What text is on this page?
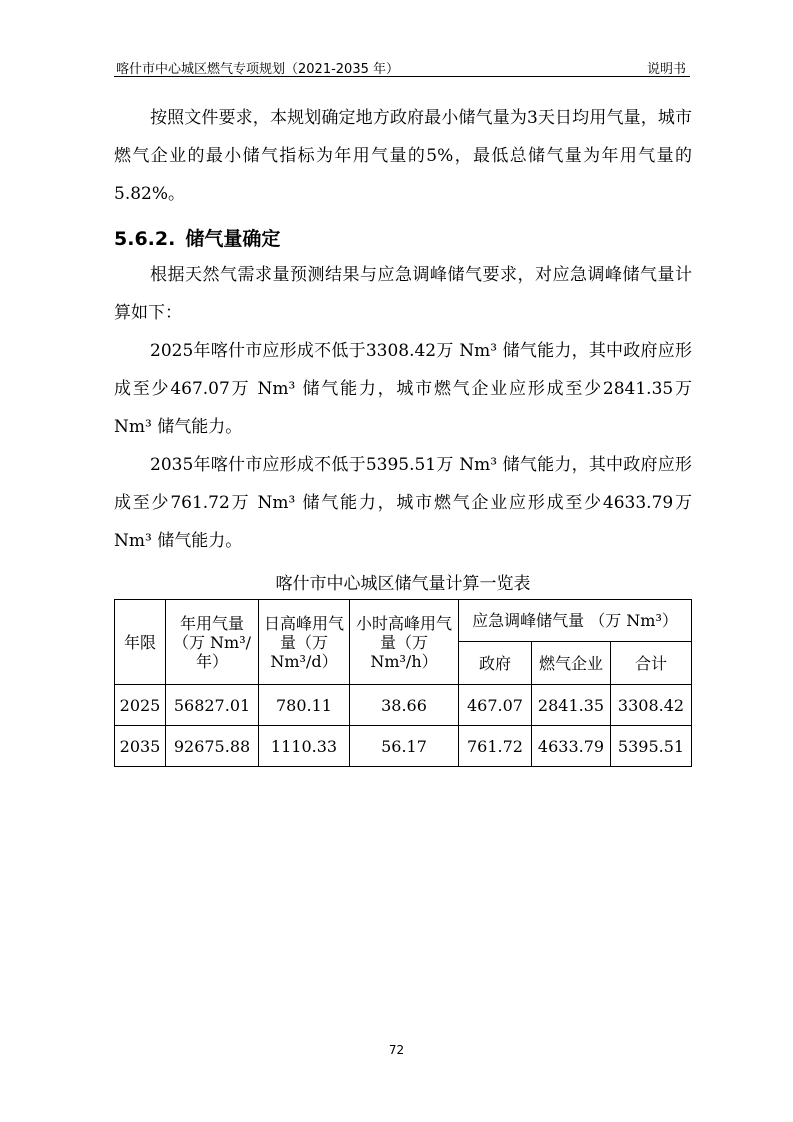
喀什市中心城区燃气专项规划（2021-2035 年）	说明书

按照文件要求，本规划确定地方政府最小储气量为3天日均用气量，城市燃气企业的最小储气指标为年用气量的5%，最低总储气量为年用气量的5.82%。

5.6.2. 储气量确定

根据天然气需求量预测结果与应急调峰储气要求，对应急调峰储气量计算如下：

2025年喀什市应形成不低于3308.42万 Nm³ 储气能力，其中政府应形成至少467.07万 Nm³ 储气能力，城市燃气企业应形成至少2841.35万 Nm³ 储气能力。

2035年喀什市应形成不低于5395.51万 Nm³ 储气能力，其中政府应形成至少761.72万 Nm³ 储气能力，城市燃气企业应形成至少4633.79万 Nm³ 储气能力。

喀什市中心城区储气量计算一览表
年限	年用气量（万 Nm³/年）	日高峰用气量（万 Nm³/d）	小时高峰用气量（万 Nm³/h）	应急调峰储气量 （万 Nm³）		
				政府	燃气企业	合计
2025	56827.01	780.11	38.66	467.07	2841.35	3308.42
2035	92675.88	1110.33	56.17	761.72	4633.79	5395.51
72
